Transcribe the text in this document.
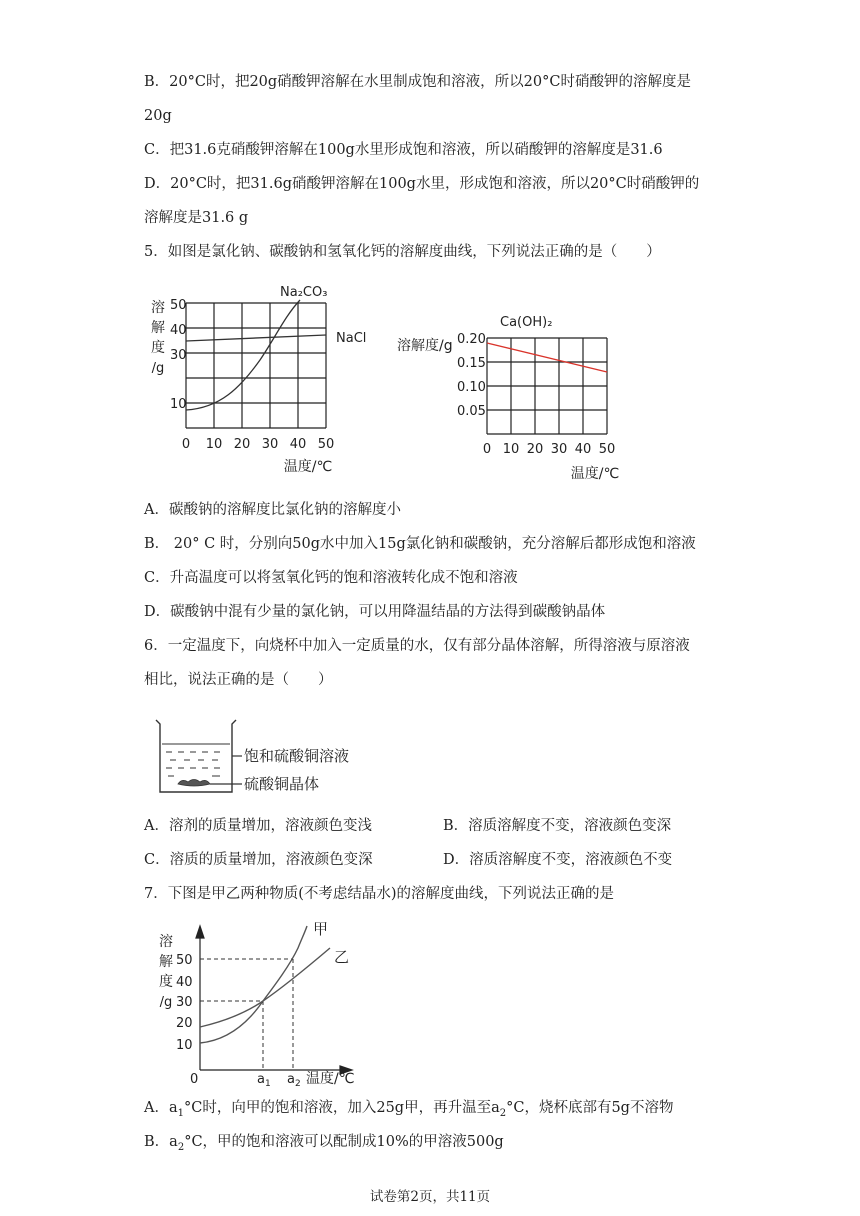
B．20°C时，把20g硝酸钾溶解在水里制成饱和溶液，所以20°C时硝酸钾的溶解度是
20g
C．把31.6克硝酸钾溶解在100g水里形成饱和溶液，所以硝酸钾的溶解度是31.6
D．20°C时，把31.6g硝酸钾溶解在100g水里，形成饱和溶液，所以20°C时硝酸钾的
溶解度是31.6 g
5．如图是氯化钠、碳酸钠和氢氧化钙的溶解度曲线，下列说法正确的是（　　）
溶
解
度
/g
50
40
30
10
0 10 20 30 40 50
温度/℃
Na₂CO₃
NaCl 溶解度/g
Ca(OH)₂
0.20
0.15
0.10
0.05
0 10 20 30 40 50
温度/℃
A．碳酸钠的溶解度比氯化钠的溶解度小
B． 20° C 时，分别向50g水中加入15g氯化钠和碳酸钠，充分溶解后都形成饱和溶液
C．升高温度可以将氢氧化钙的饱和溶液转化成不饱和溶液
D．碳酸钠中混有少量的氯化钠，可以用降温结晶的方法得到碳酸钠晶体
6．一定温度下，向烧杯中加入一定质量的水，仅有部分晶体溶解，所得溶液与原溶液
相比，说法正确的是（　　）
饱和硫酸铜溶液
硫酸铜晶体
A．溶剂的质量增加，溶液颜色变浅	B．溶质溶解度不变，溶液颜色变深
C．溶质的质量增加，溶液颜色变深	D．溶质溶解度不变，溶液颜色不变
7．下图是甲乙两种物质(不考虑结晶水)的溶解度曲线，下列说法正确的是
溶
解
度
/g
50
40
30
20
10
甲
乙
0	$a_1$ $a_2$ 温度/℃
A．$a_1^\circ C$时，向甲的饱和溶液，加入25g甲，再升温至$a_2^\circ C$，烧杯底部有5g不溶物
B．$a_2^\circ C$，甲的饱和溶液可以配制成10%的甲溶液500g
试卷第2页，共11页
